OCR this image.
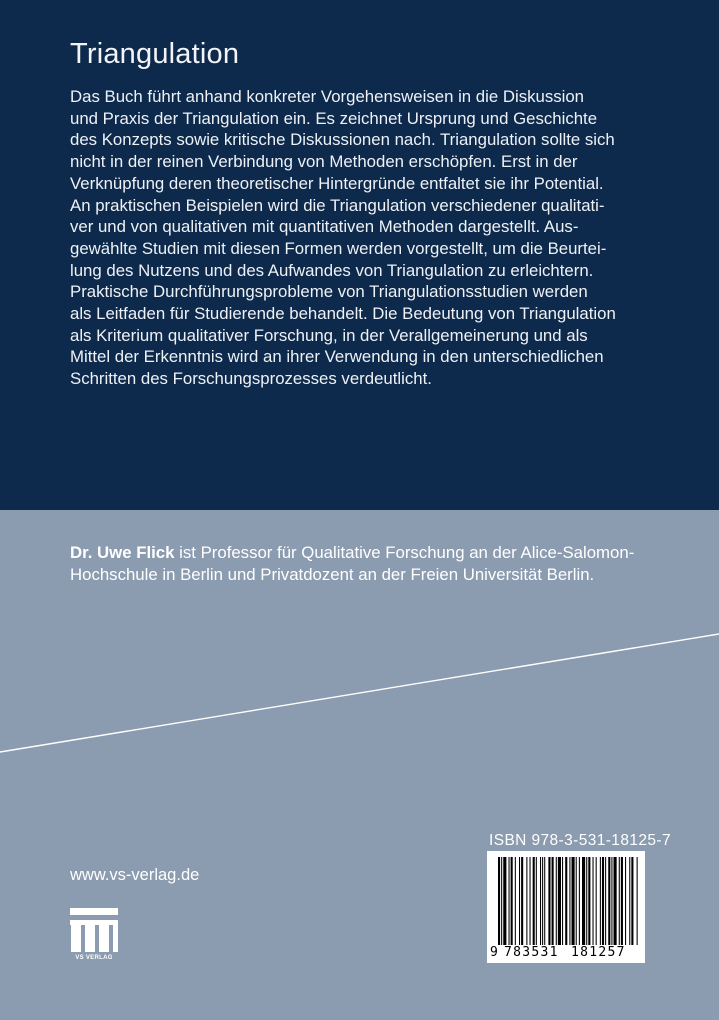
Triangulation
Das Buch führt anhand konkreter Vorgehensweisen in die Diskussion
und Praxis der Triangulation ein. Es zeichnet Ursprung und Geschichte
des Konzepts sowie kritische Diskussionen nach. Triangulation sollte sich
nicht in der reinen Verbindung von Methoden erschöpfen. Erst in der
Verknüpfung deren theoretischer Hintergründe entfaltet sie ihr Potential.
An praktischen Beispielen wird die Triangulation verschiedener qualitati-
ver und von qualitativen mit quantitativen Methoden dargestellt. Aus-
gewählte Studien mit diesen Formen werden vorgestellt, um die Beurtei-
lung des Nutzens und des Aufwandes von Triangulation zu erleichtern.
Praktische Durchführungsprobleme von Triangulationsstudien werden
als Leitfaden für Studierende behandelt. Die Bedeutung von Triangulation
als Kriterium qualitativer Forschung, in der Verallgemeinerung und als
Mittel der Erkenntnis wird an ihrer Verwendung in den unterschiedlichen
Schritten des Forschungsprozesses verdeutlicht.
Dr. Uwe Flick ist Professor für Qualitative Forschung an der Alice-Salomon-
Hochschule in Berlin und Privatdozent an der Freien Universität Berlin.
www.vs-verlag.de
VS VERLAG
ISBN 978-3-531-18125-7
9 783531 181257
